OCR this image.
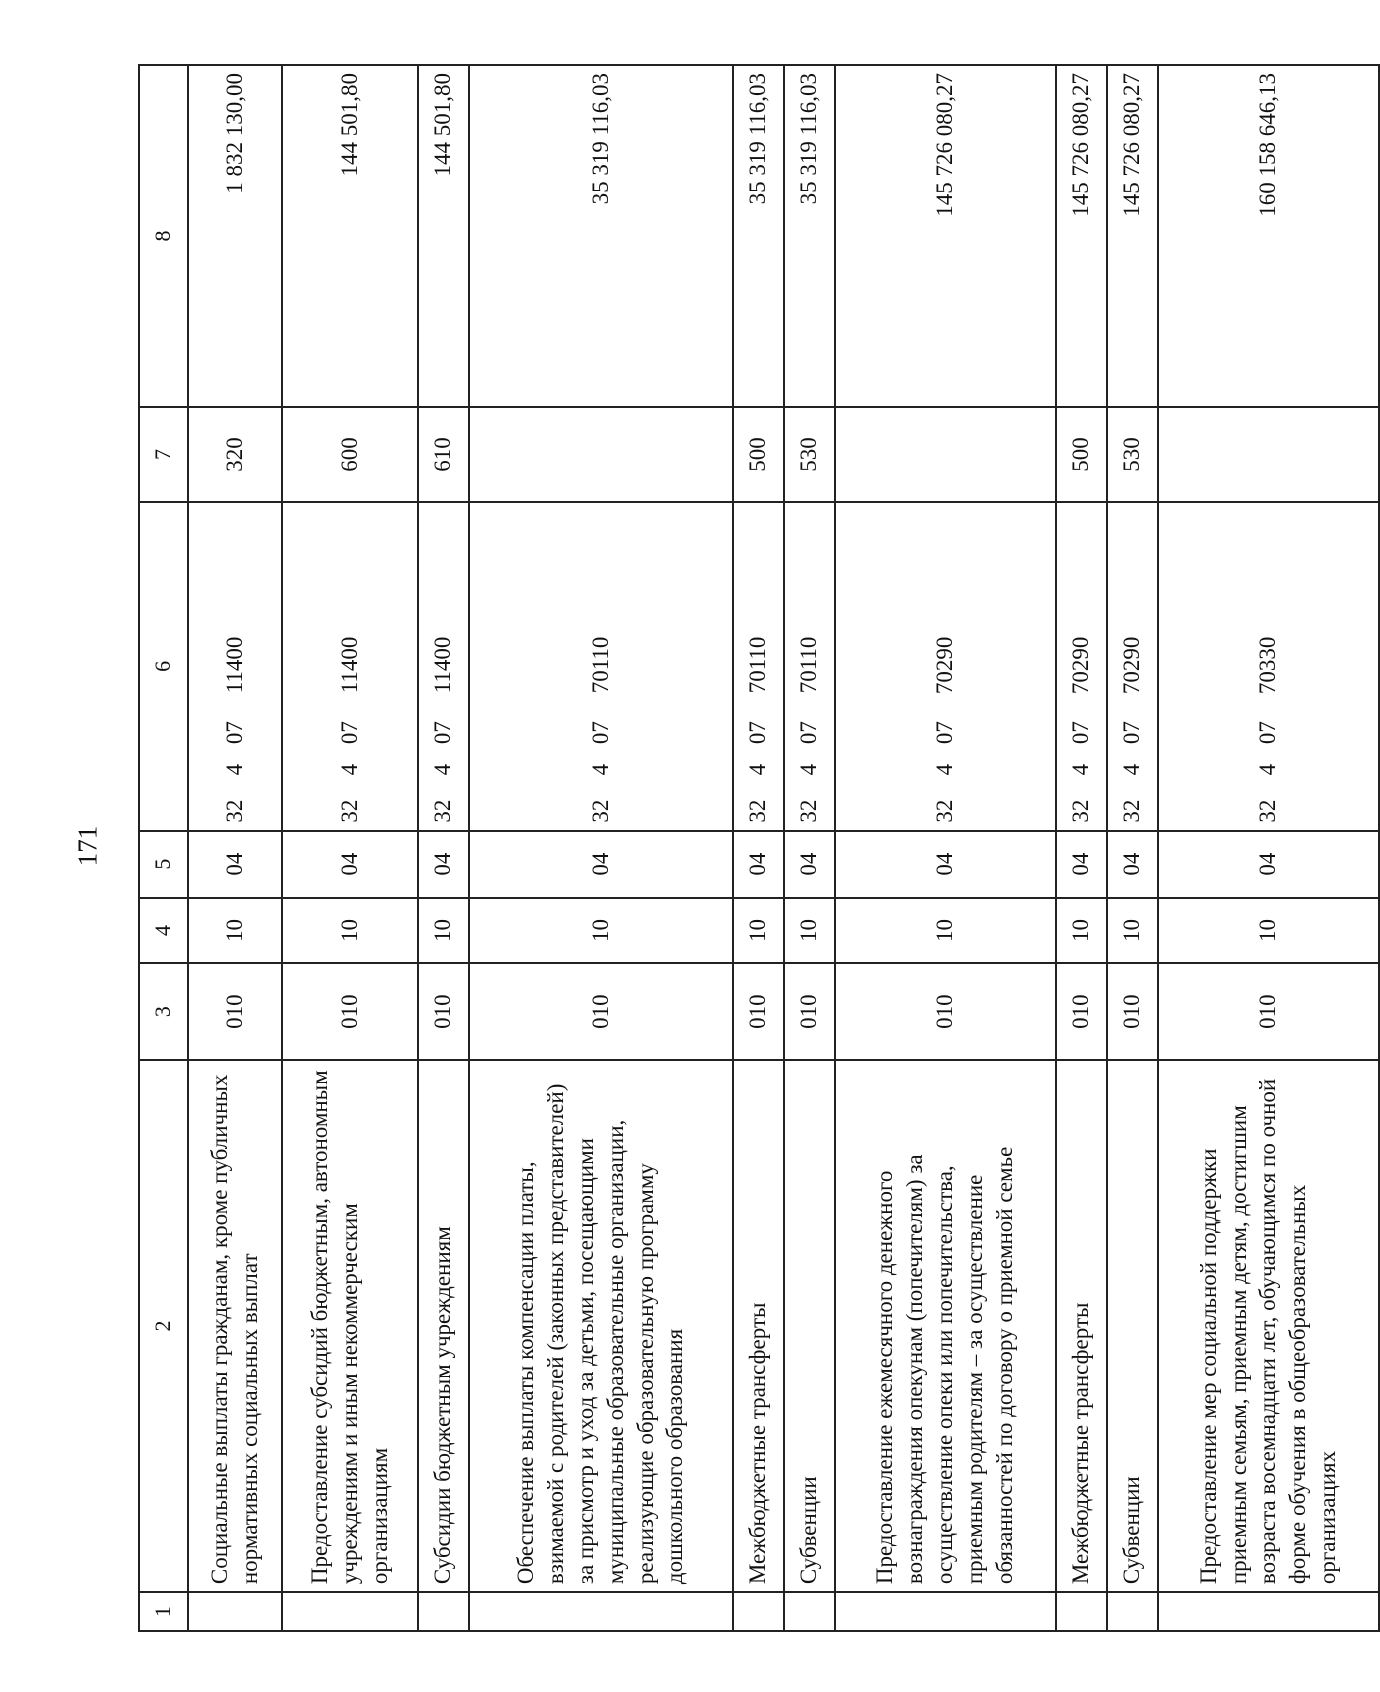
171
1	2	3	4	5	6	7	8
	Социальные выплаты гражданам, кроме публичных нормативных социальных выплат	010	10	04	3240711400	320	1 832 130,00
	Предоставление субсидий бюджетным, автономным учреждениям и иным некоммерческим организациям	010	10	04	3240711400	600	144 501,80
	Субсидии бюджетным учреждениям	010	10	04	3240711400	610	144 501,80
	Обеспечение выплаты компенсации платы, взимаемой с родителей (законных представителей) за присмотр и уход за детьми, посещающими муниципальные образовательные организации, реализующие образовательную программу дошкольного образования	010	10	04	3240770110		35 319 116,03
	Межбюджетные трансферты	010	10	04	3240770110	500	35 319 116,03
	Субвенции	010	10	04	3240770110	530	35 319 116,03
	Предоставление ежемесячного денежного вознаграждения опекунам (попечителям) за осуществление опеки или попечительства, приемным родителям – за осуществление обязанностей по договору о приемной семье	010	10	04	3240770290		145 726 080,27
	Межбюджетные трансферты	010	10	04	3240770290	500	145 726 080,27
	Субвенции	010	10	04	3240770290	530	145 726 080,27
	Предоставление мер социальной поддержки приемным семьям, приемным детям, достигшим возраста восемнадцати лет, обучающимся по очной форме обучения в общеобразовательных организациях	010	10	04	3240770330		160 158 646,13
